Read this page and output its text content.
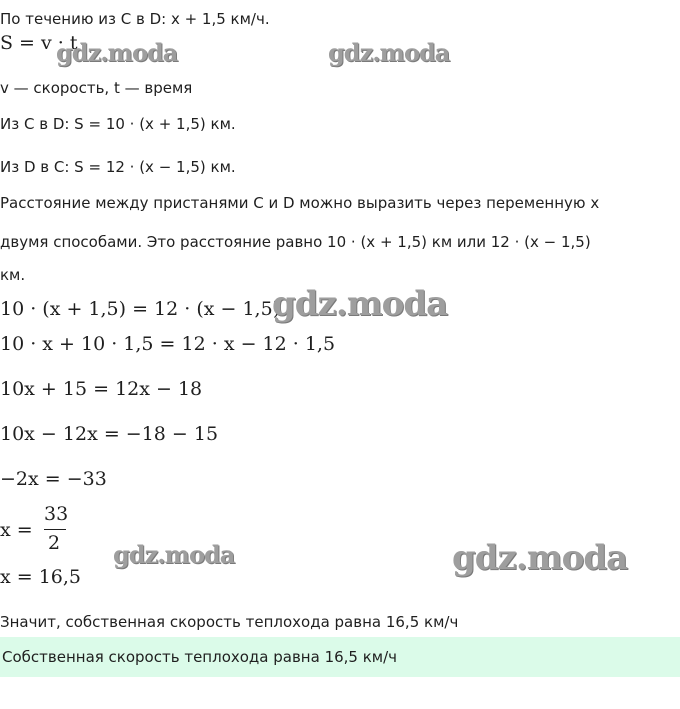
По течению из C в D: x + 1,5 км/ч.
S = v · t
v — скорость, t — время
Из C в D: S = 10 · (x + 1,5) км.
Из D в C: S = 12 · (x − 1,5) км.
Расстояние между пристанями C и D можно выразить через переменную x
двумя способами. Это расстояние равно 10 · (x + 1,5) км или 12 · (x − 1,5)
км.
10 · (x + 1,5) = 12 · (x − 1,5)
10 · x + 10 · 1,5 = 12 · x − 12 · 1,5
10x + 15 = 12x − 18
10x − 12x = −18 − 15
−2x = −33
x =
33
2
x = 16,5
Значит, собственная скорость теплохода равна 16,5 км/ч
Собственная скорость теплохода равна 16,5 км/ч
gdz.moda	gdz.moda
gdz.moda
gdz.moda	gdz.moda
